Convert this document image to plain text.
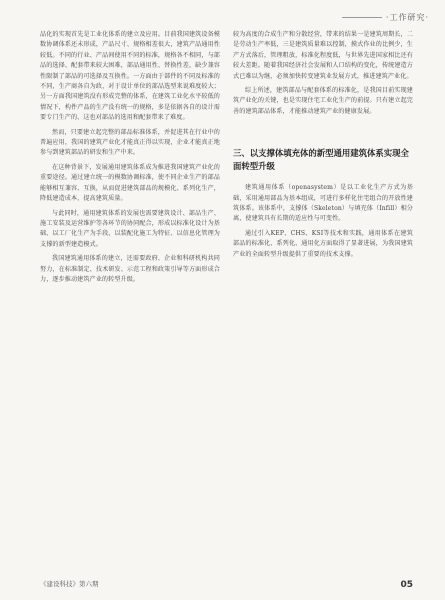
·工作研究·

品化的实现首先是工业化体系的建立及应用。目前我国建筑设备模数协调体系还未形成，产品尺寸、规格相差很大，建筑产品通用性较低。不同的行业、产品间使用不同的标准，规格各不相同，与部品的选择、配套带来较大困难，部品通用性、替换性差，缺少兼容性限制了部品的可选择及互换性。一方面由于部件的不同及标准的不同，生产商各自为政，对于设计单位的部品选型来说难度较大；另一方面我国建筑没有形成完整的体系，在建筑工业化水平较低的情况下，构件产品的生产没有统一的规格，多是依据各自的设计需要专门生产的，这也对部品的选用和配套带来了难度。

然而，只要建立起完整的部品标准体系，并促进其在行业中的普遍应用，我国的建筑产业化才能真正得以实现，企业才能真正地参与到建筑部品的研发和生产中来。

在这种背景下，发展通用建筑体系成为推进我国建筑产业化的重要途径。通过建立统一的模数协调标准，使不同企业生产的部品能够相互兼容、互换，从而促进建筑部品的规模化、系列化生产，降低建造成本，提高建筑质量。

与此同时，通用建筑体系的发展也需要建筑设计、部品生产、施工安装及运营维护等各环节的协同配合，形成以标准化设计为基础、以工厂化生产为手段、以装配化施工为特征、以信息化管理为支撑的新型建造模式。

我国建筑通用体系的建立，还需要政府、企业和科研机构共同努力，在标准制定、技术研发、示范工程和政策引导等方面形成合力，逐步推动建筑产业的转型升级。

较为高度的合成生产和分散经营，带来的结果一是建筑周期长，二是劳动生产率低，三是建筑质量难以控制，摸式作业的比例少，生产方式落后，管理粗放，标准化程度低，与世界先进国家相比还有较大差距。随着我国经济社会发展和人口结构的变化，传统建造方式已难以为继，必须加快转变建筑业发展方式，推进建筑产业化。

综上所述，建筑部品与配套体系的标准化，是我国目前实现建筑产业化的关键，也是实现住宅工业化生产的前提。只有建立起完善的建筑部品体系，才能推动建筑产业的健康发展。

三、以支撑体填充体的新型通用建筑体系实现全面转型升级

建筑通用体系（openasystem）是以工业化生产方式为基础，采用通用部品为基本组成，可进行多样化住宅组合的开放性建筑体系。该体系中，支撑体（Skeleton）与填充体（Infill）相分离，使建筑具有长期的适应性与可变性。

通过引入KEP、CHS、KSI等技术和实践，通用体系在建筑部品的标准化、系列化、通用化方面取得了显著进展，为我国建筑产业的全面转型升级提供了重要的技术支撑。

《建设科技》第六期	05
